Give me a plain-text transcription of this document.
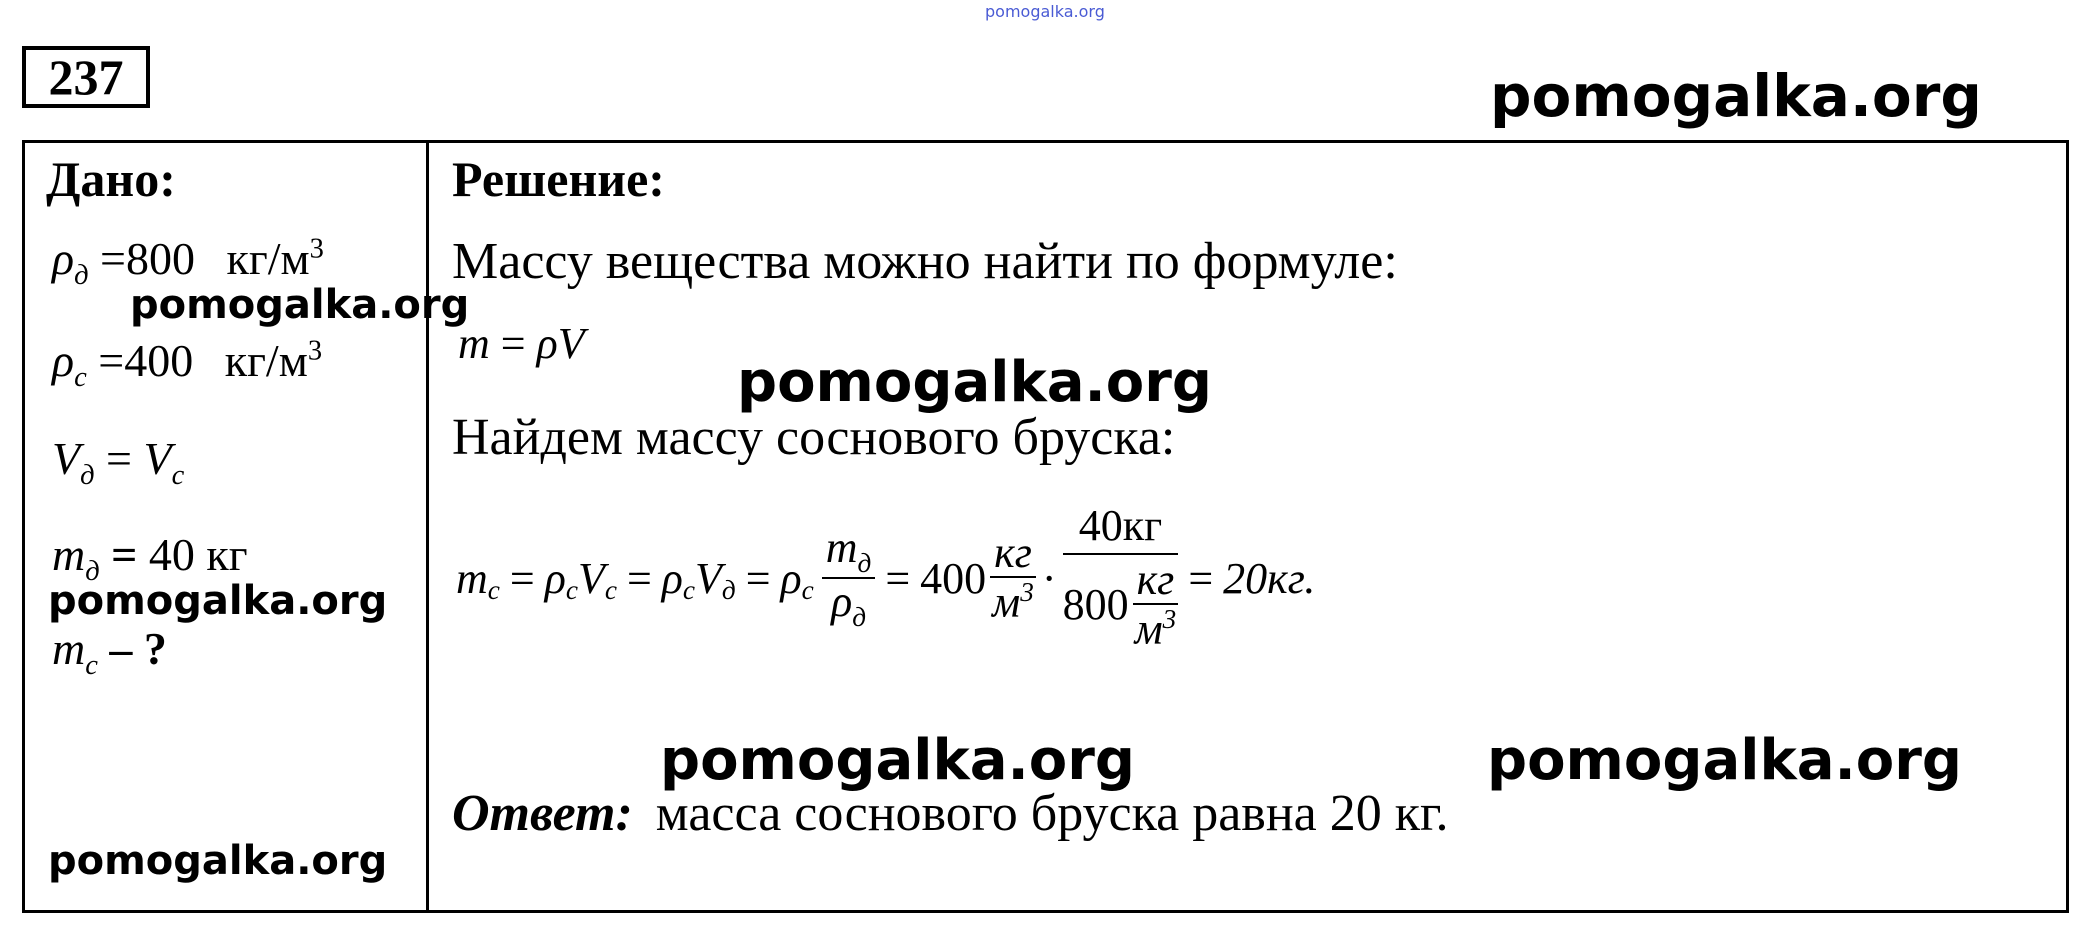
pomogalka.org
237	pomogalka.org
Дано:
$\rho_д =800$ $кг/м^3$
pomogalka.org
$\rho_c =400$ $кг/м^3$
$V_д = V_c$
$m_д = 40$ кг
pomogalka.org
$m_c$ – ?
pomogalka.org
Решение:
Массу вещества можно найти по формуле:
m = ρV
pomogalka.org
Найдем массу соснового бруска:
$m_c = \rho_c$ $V_c = \rho_c$ $V_д = \rho_c \frac{m_д}{\rho_д} = 400 \frac{кг}{м^3} \cdot \frac{40кг}{800 \frac{кг}{м^3}} = 20кг$.
pomogalka.org	pomogalka.org
Ответ: масса соснового бруска равна 20 кг.
